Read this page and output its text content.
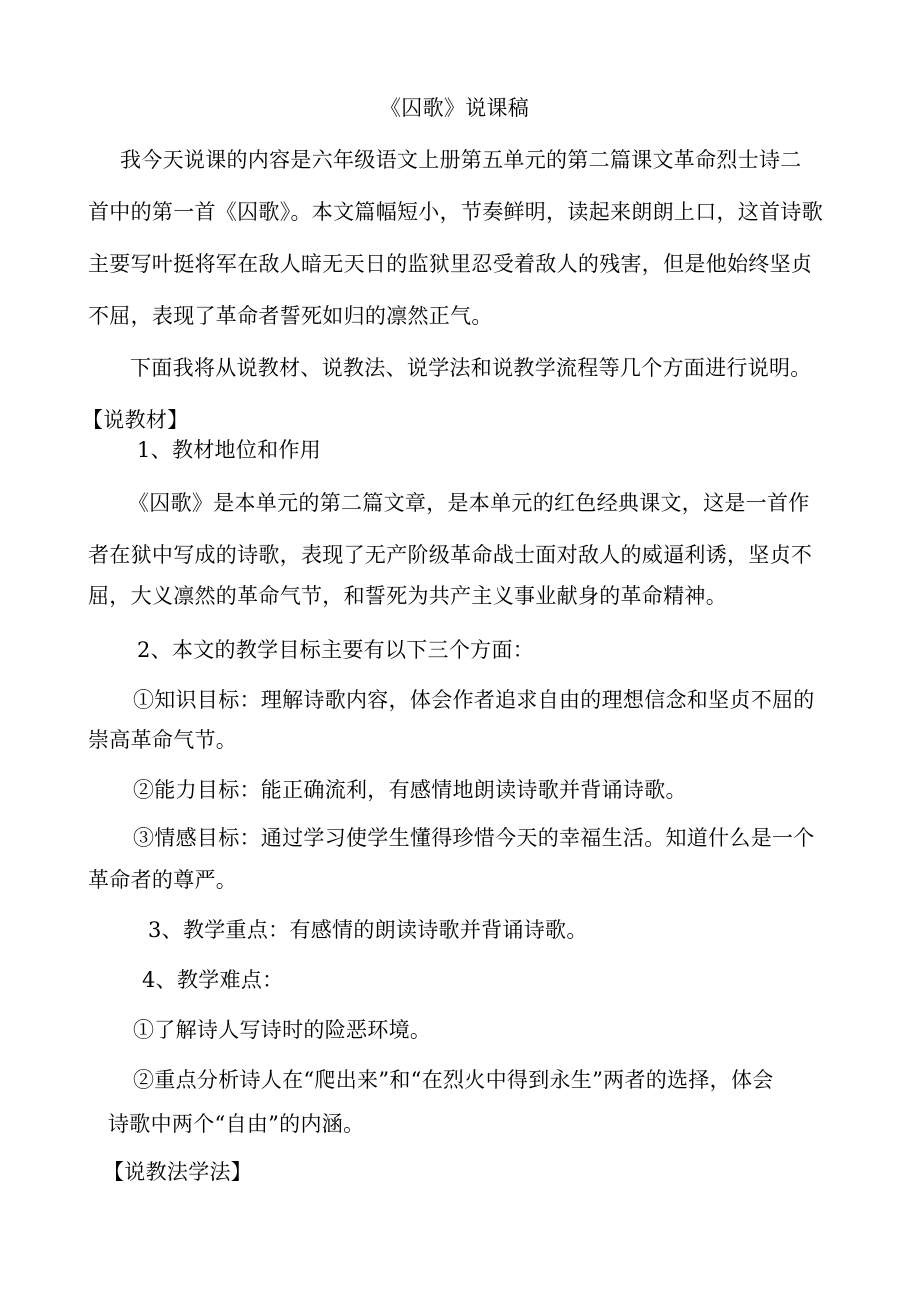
《囚歌》说课稿
我今天说课的内容是六年级语文上册第五单元的第二篇课文革命烈士诗二
首中的第一首《囚歌》。本文篇幅短小，节奏鲜明，读起来朗朗上口，这首诗歌
主要写叶挺将军在敌人暗无天日的监狱里忍受着敌人的残害，但是他始终坚贞
不屈，表现了革命者誓死如归的凛然正气。
下面我将从说教材、说教法、说学法和说教学流程等几个方面进行说明。
【说教材】
1、教材地位和作用
《囚歌》是本单元的第二篇文章，是本单元的红色经典课文，这是一首作
者在狱中写成的诗歌，表现了无产阶级革命战士面对敌人的威逼利诱，坚贞不
屈，大义凛然的革命气节，和誓死为共产主义事业献身的革命精神。
2、本文的教学目标主要有以下三个方面：
①知识目标：理解诗歌内容，体会作者追求自由的理想信念和坚贞不屈的
崇高革命气节。
②能力目标：能正确流利，有感情地朗读诗歌并背诵诗歌。
③情感目标：通过学习使学生懂得珍惜今天的幸福生活。知道什么是一个
革命者的尊严。
3、教学重点：有感情的朗读诗歌并背诵诗歌。
4、教学难点：
①了解诗人写诗时的险恶环境。
②重点分析诗人在“爬出来”和“在烈火中得到永生”两者的选择，体会
诗歌中两个“自由”的内涵。
【说教法学法】
